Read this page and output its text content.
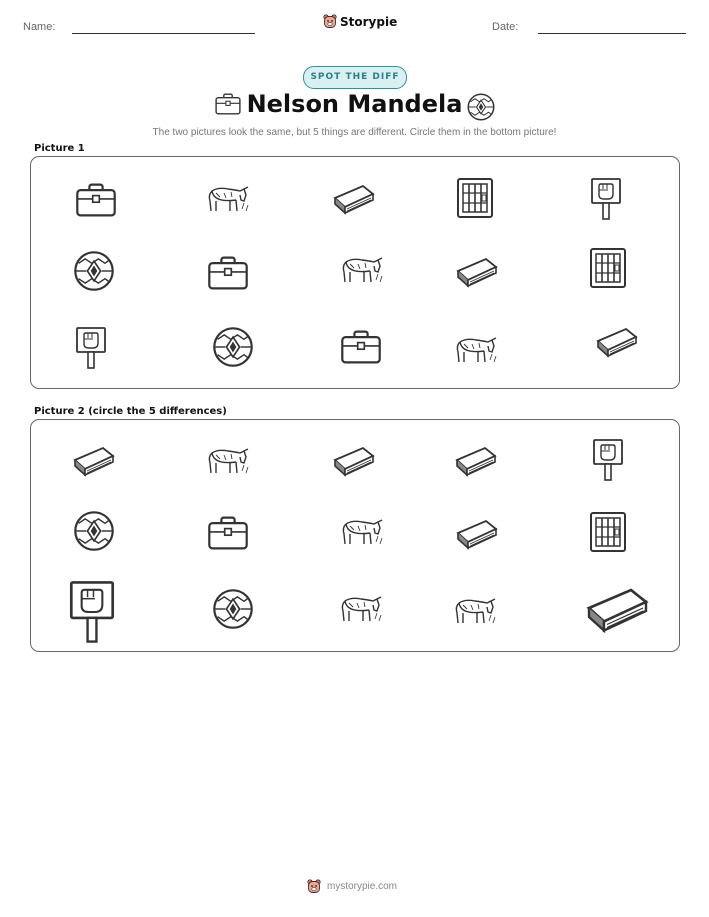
Name:	Storypie	Date:
SPOT THE DIFF
Nelson Mandela
The two pictures look the same, but 5 things are different. Circle them in the bottom picture!
Picture 1
Picture 2 (circle the 5 differences)
mystorypie.com
